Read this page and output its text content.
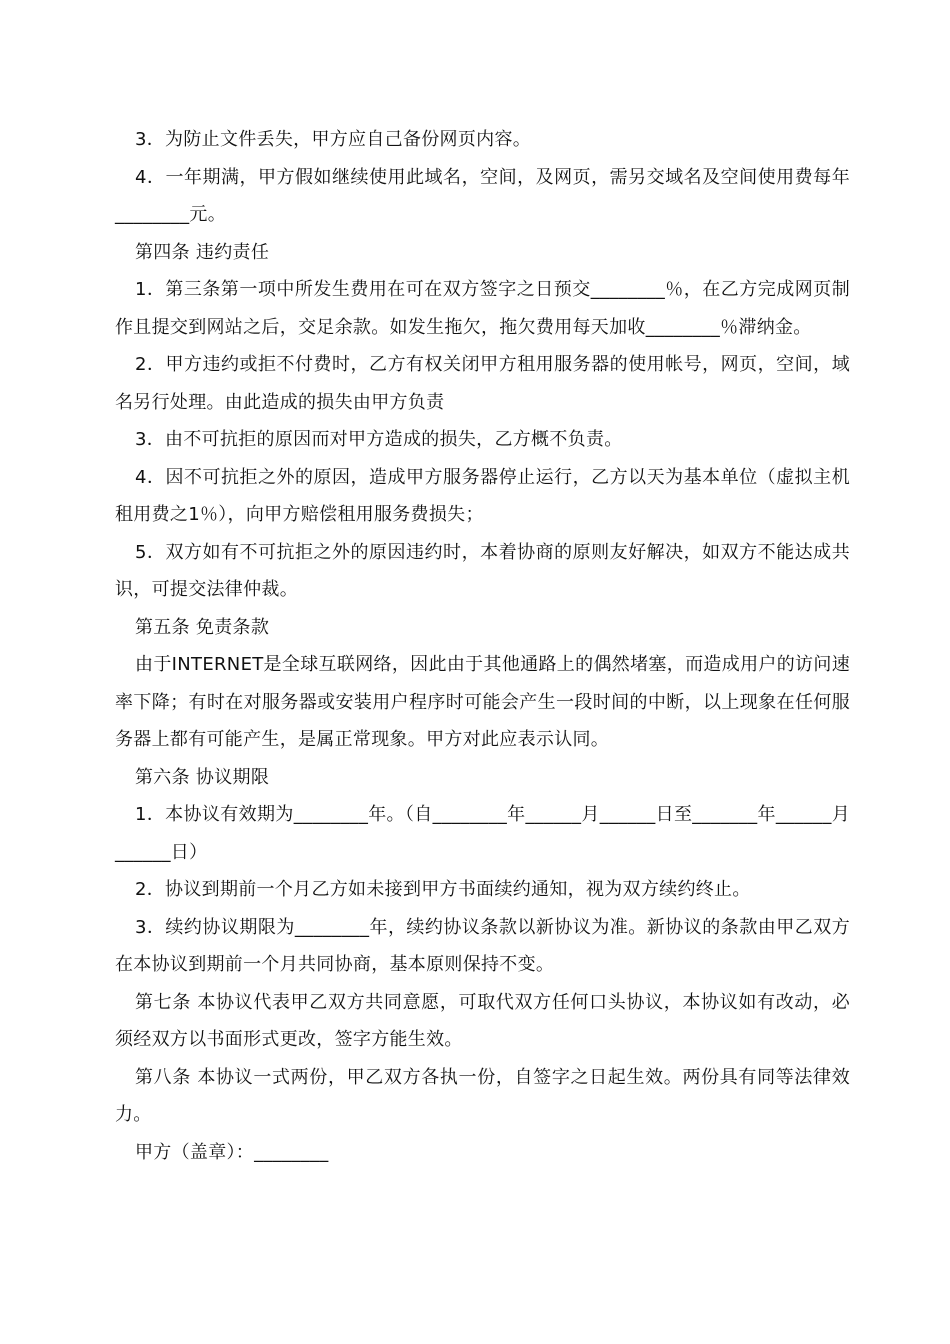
3．为防止文件丢失，甲方应自己备份网页内容。

4．一年期满，甲方假如继续使用此域名，空间，及网页，需另交域名及空间使用费每年________元。

第四条 违约责任

1．第三条第一项中所发生费用在可在双方签字之日预交________％，在乙方完成网页制作且提交到网站之后，交足余款。如发生拖欠，拖欠费用每天加收________％滞纳金。

2．甲方违约或拒不付费时，乙方有权关闭甲方租用服务器的使用帐号，网页，空间，域名另行处理。由此造成的损失由甲方负责

3．由不可抗拒的原因而对甲方造成的损失，乙方概不负责。

4．因不可抗拒之外的原因，造成甲方服务器停止运行，乙方以天为基本单位（虚拟主机租用费之1％），向甲方赔偿租用服务费损失；

5．双方如有不可抗拒之外的原因违约时，本着协商的原则友好解决，如双方不能达成共识，可提交法律仲裁。

第五条 免责条款

由于INTERNET是全球互联网络，因此由于其他通路上的偶然堵塞，而造成用户的访问速率下降；有时在对服务器或安装用户程序时可能会产生一段时间的中断，以上现象在任何服务器上都有可能产生，是属正常现象。甲方对此应表示认同。

第六条 协议期限

1．本协议有效期为________年。（自________年______月______日至_______年______月______日）

2．协议到期前一个月乙方如未接到甲方书面续约通知，视为双方续约终止。

3．续约协议期限为________年，续约协议条款以新协议为准。新协议的条款由甲乙双方在本协议到期前一个月共同协商，基本原则保持不变。

第七条 本协议代表甲乙双方共同意愿，可取代双方任何口头协议，本协议如有改动，必须经双方以书面形式更改，签字方能生效。

第八条 本协议一式两份，甲乙双方各执一份，自签字之日起生效。两份具有同等法律效力。

甲方（盖章）：________
